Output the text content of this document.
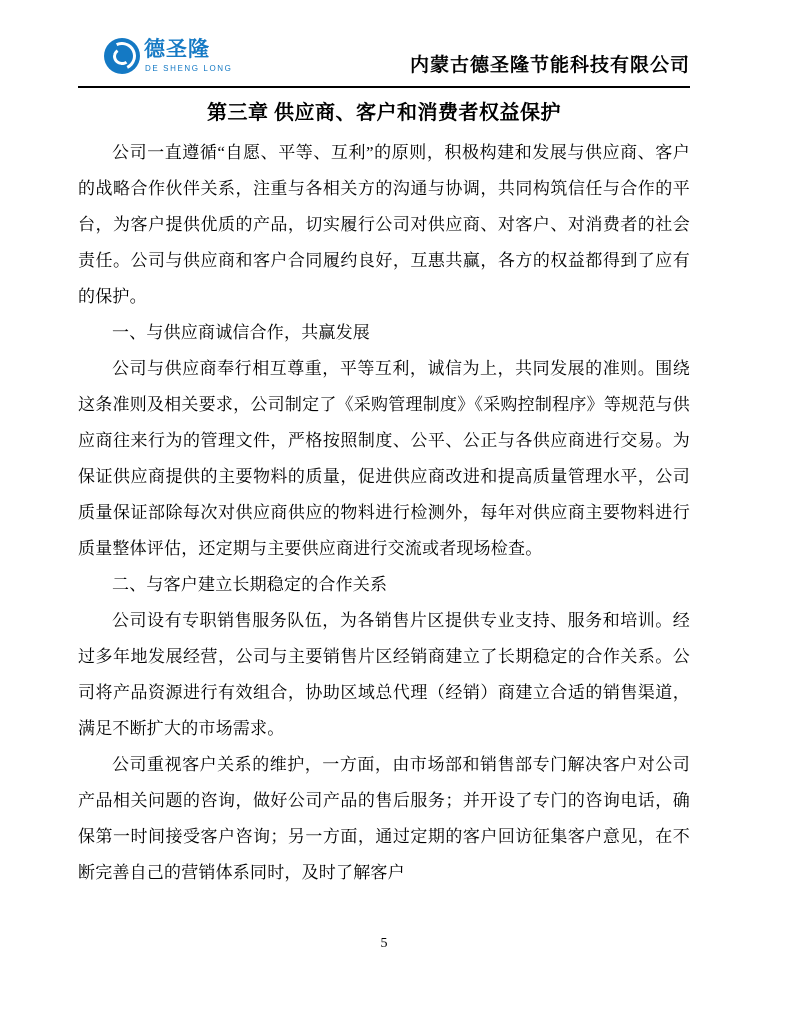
德圣隆
DE SHENG LONG	内蒙古德圣隆节能科技有限公司
第三章 供应商、客户和消费者权益保护

公司一直遵循“自愿、平等、互利”的原则，积极构建和发展与供应商、客户的战略合作伙伴关系，注重与各相关方的沟通与协调，共同构筑信任与合作的平台，为客户提供优质的产品，切实履行公司对供应商、对客户、对消费者的社会责任。公司与供应商和客户合同履约良好，互惠共赢，各方的权益都得到了应有的保护。

一、与供应商诚信合作，共赢发展

公司与供应商奉行相互尊重，平等互利，诚信为上，共同发展的准则。围绕这条准则及相关要求，公司制定了《采购管理制度》《采购控制程序》等规范与供应商往来行为的管理文件，严格按照制度、公平、公正与各供应商进行交易。为保证供应商提供的主要物料的质量，促进供应商改进和提高质量管理水平，公司质量保证部除每次对供应商供应的物料进行检测外，每年对供应商主要物料进行质量整体评估，还定期与主要供应商进行交流或者现场检查。

二、与客户建立长期稳定的合作关系

公司设有专职销售服务队伍，为各销售片区提供专业支持、服务和培训。经过多年地发展经营，公司与主要销售片区经销商建立了长期稳定的合作关系。公司将产品资源进行有效组合，协助区域总代理（经销）商建立合适的销售渠道，满足不断扩大的市场需求。

公司重视客户关系的维护，一方面，由市场部和销售部专门解决客户对公司产品相关问题的咨询，做好公司产品的售后服务；并开设了专门的咨询电话，确保第一时间接受客户咨询；另一方面，通过定期的客户回访征集客户意见，在不断完善自己的营销体系同时，及时了解客户

5
